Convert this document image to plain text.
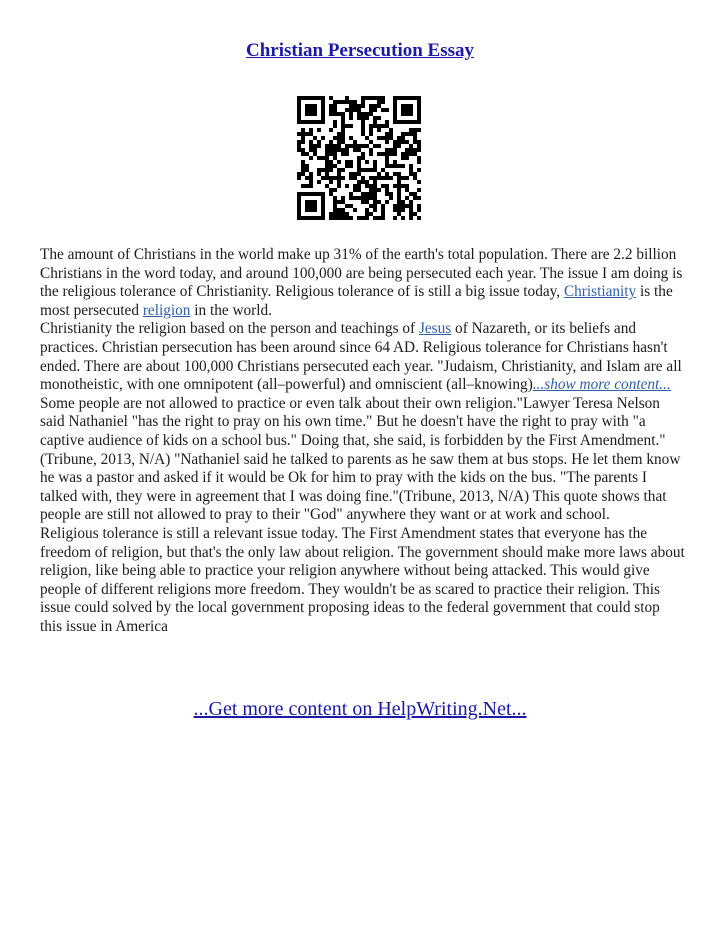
Christian Persecution Essay

The amount of Christians in the world make up 31% of the earth's total population. There are 2.2 billion Christians in the word today, and around 100,000 are being persecuted each year. The issue I am doing is the religious tolerance of Christianity. Religious tolerance of is still a big issue today, Christianity is the most persecuted religion in the world.

Christianity the religion based on the person and teachings of Jesus of Nazareth, or its beliefs and practices. Christian persecution has been around since 64 AD. Religious tolerance for Christians hasn't ended. There are about 100,000 Christians persecuted each year. "Judaism, Christianity, and Islam are all monotheistic, with one omnipotent (all–powerful) and omniscient (all–knowing)...show more content...

Some people are not allowed to practice or even talk about their own religion."Lawyer Teresa Nelson said Nathaniel "has the right to pray on his own time." But he doesn't have the right to pray with "a captive audience of kids on a school bus." Doing that, she said, is forbidden by the First Amendment."(Tribune, 2013, N/A) "Nathaniel said he talked to parents as he saw them at bus stops. He let them know he was a pastor and asked if it would be Ok for him to pray with the kids on the bus. "The parents I talked with, they were in agreement that I was doing fine."(Tribune, 2013, N/A) This quote shows that people are still not allowed to pray to their "God" anywhere they want or at work and school.

Religious tolerance is still a relevant issue today. The First Amendment states that everyone has the freedom of religion, but that's the only law about religion. The government should make more laws about religion, like being able to practice your religion anywhere without being attacked. This would give people of different religions more freedom. They wouldn't be as scared to practice their religion. This issue could solved by the local government proposing ideas to the federal government that could stop this issue in America

...Get more content on HelpWriting.Net...
